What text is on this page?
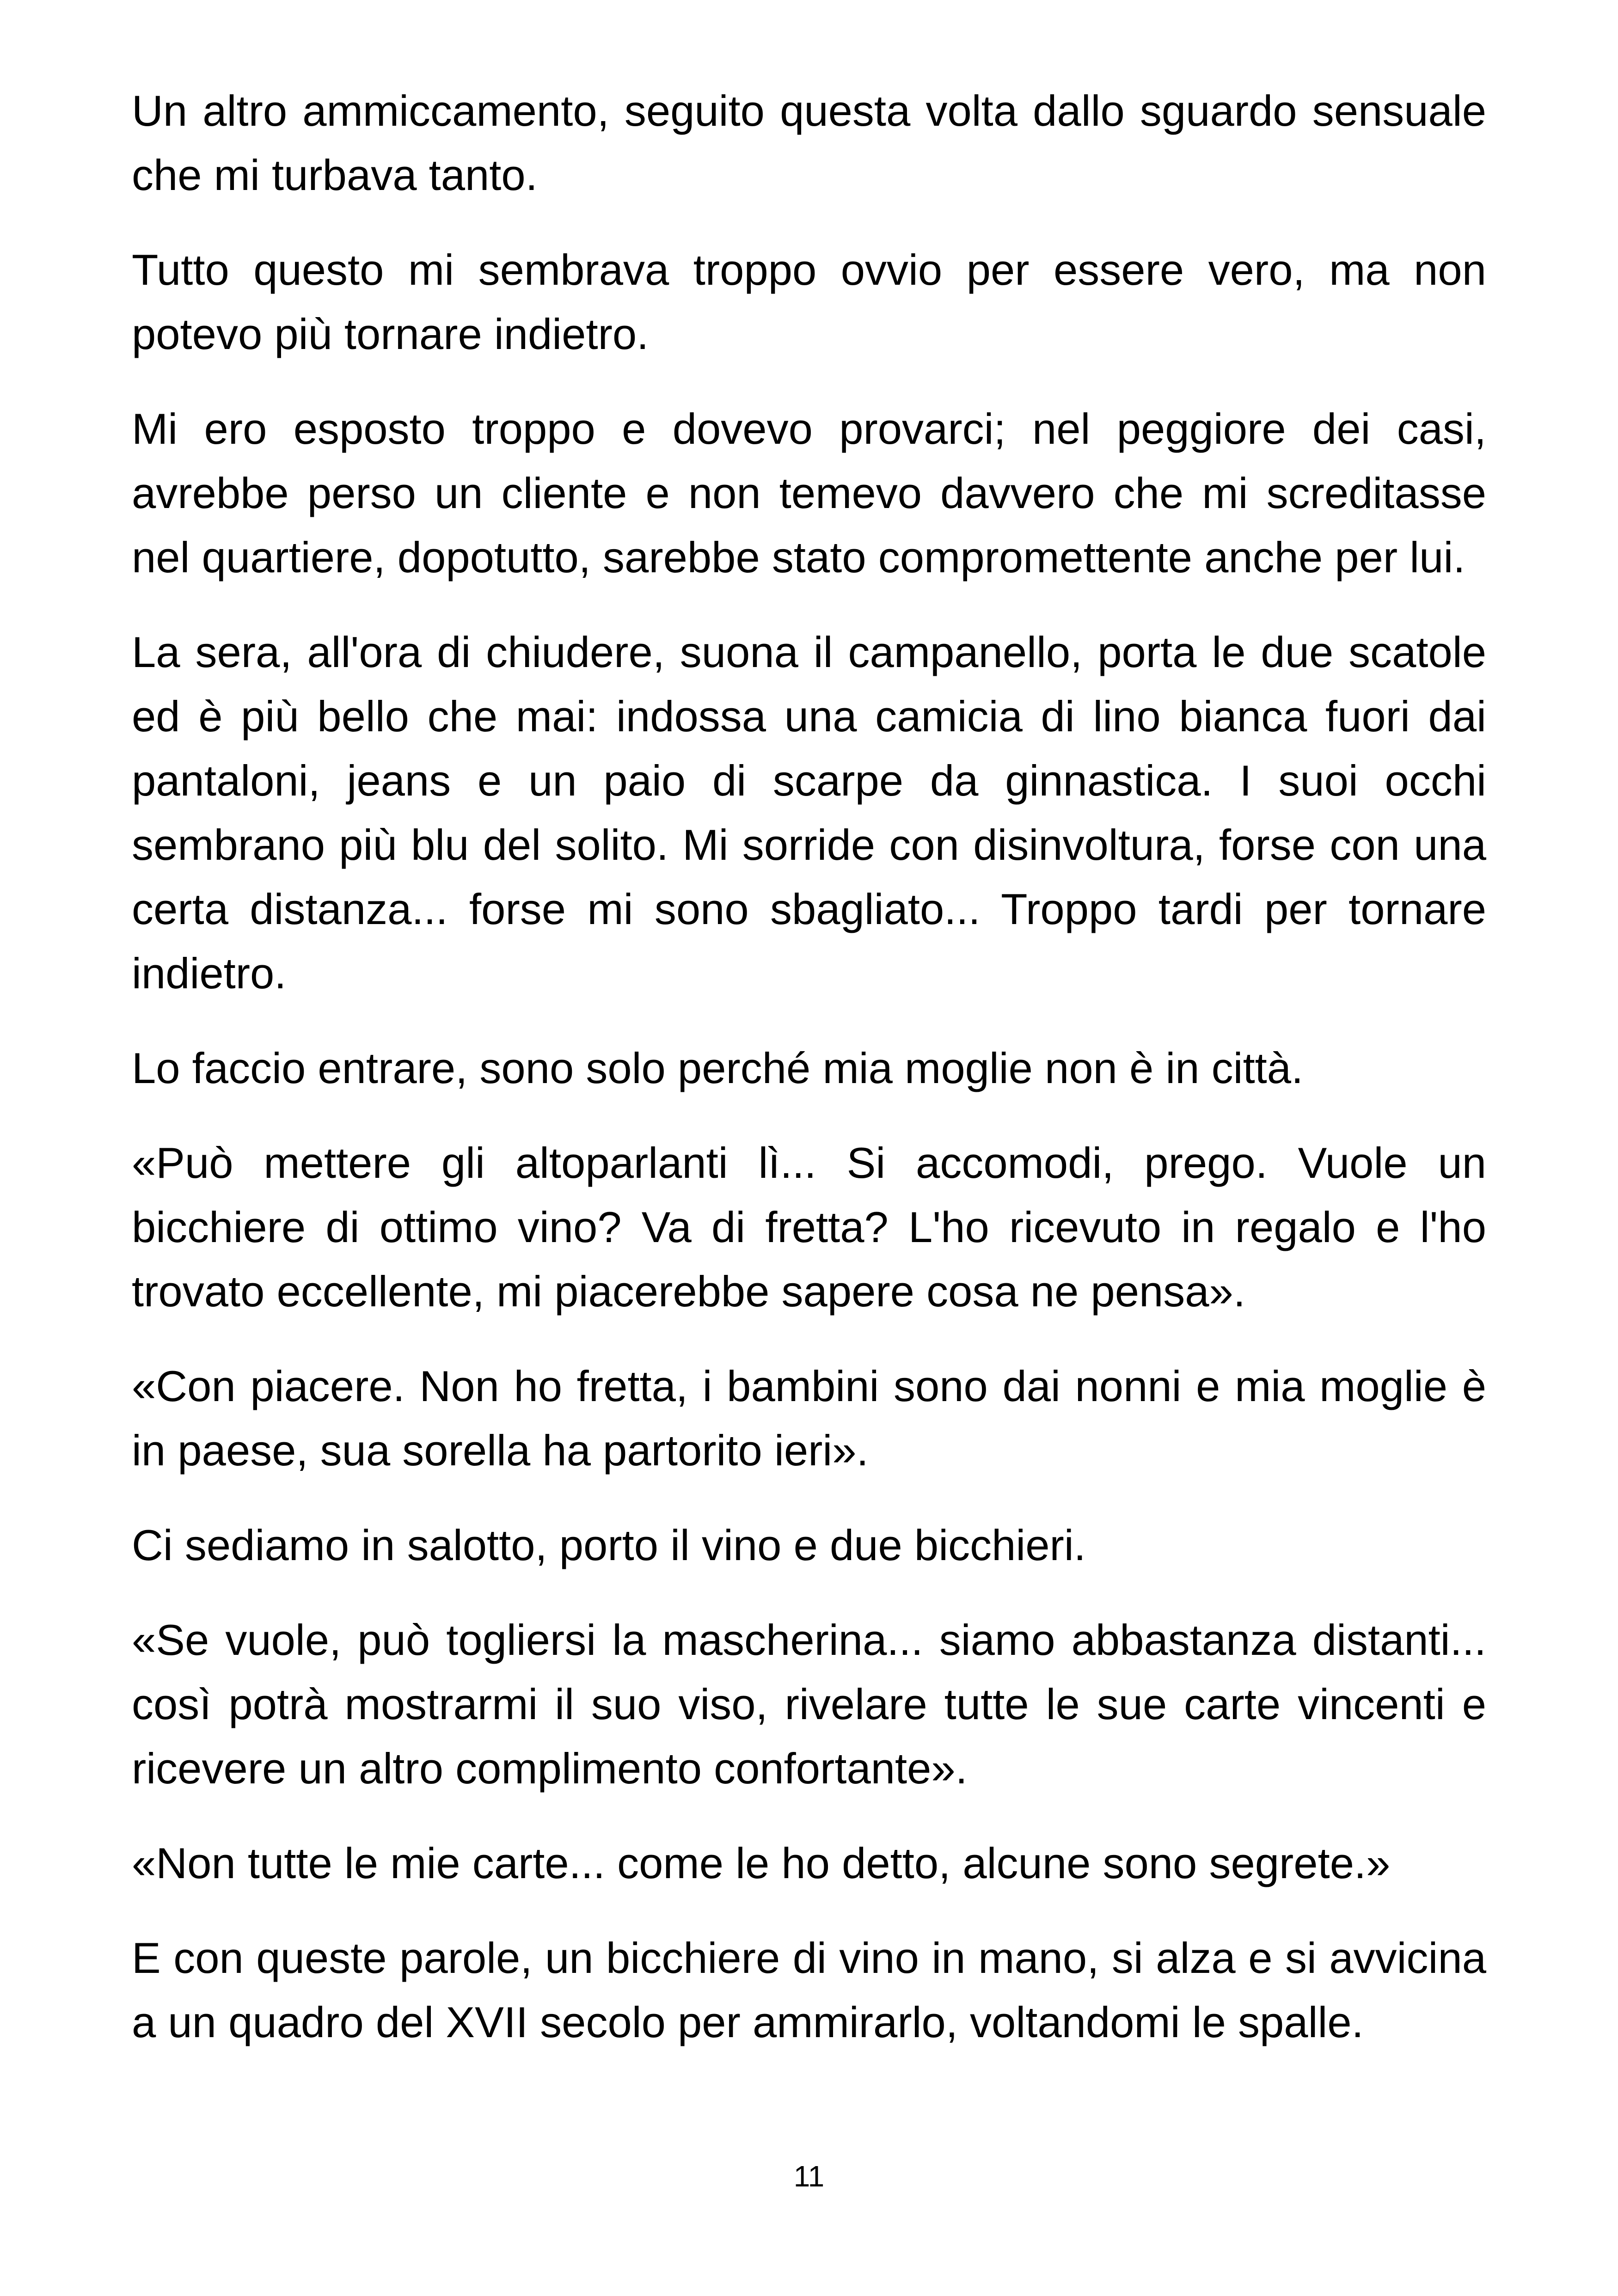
Un altro ammiccamento, seguito questa volta dallo sguardo sensuale che mi turbava tanto.

Tutto questo mi sembrava troppo ovvio per essere vero, ma non potevo più tornare indietro.

Mi ero esposto troppo e dovevo provarci; nel peggiore dei casi, avrebbe perso un cliente e non temevo davvero che mi screditasse nel quartiere, dopotutto, sarebbe stato compromettente anche per lui.

La sera, all'ora di chiudere, suona il campanello, porta le due scatole ed è più bello che mai: indossa una camicia di lino bianca fuori dai pantaloni, jeans e un paio di scarpe da ginnastica. I suoi occhi sembrano più blu del solito. Mi sorride con disinvoltura, forse con una certa distanza... forse mi sono sbagliato... Troppo tardi per tornare indietro.

Lo faccio entrare, sono solo perché mia moglie non è in città.

«Può mettere gli altoparlanti lì... Si accomodi, prego. Vuole un bicchiere di ottimo vino? Va di fretta? L'ho ricevuto in regalo e l'ho trovato eccellente, mi piacerebbe sapere cosa ne pensa».

«Con piacere. Non ho fretta, i bambini sono dai nonni e mia moglie è in paese, sua sorella ha partorito ieri».

Ci sediamo in salotto, porto il vino e due bicchieri.

«Se vuole, può togliersi la mascherina... siamo abbastanza distanti... così potrà mostrarmi il suo viso, rivelare tutte le sue carte vincenti e ricevere un altro complimento confortante».

«Non tutte le mie carte... come le ho detto, alcune sono segrete.»

E con queste parole, un bicchiere di vino in mano, si alza e si avvicina a un quadro del XVII secolo per ammirarlo, voltandomi le spalle.

11
